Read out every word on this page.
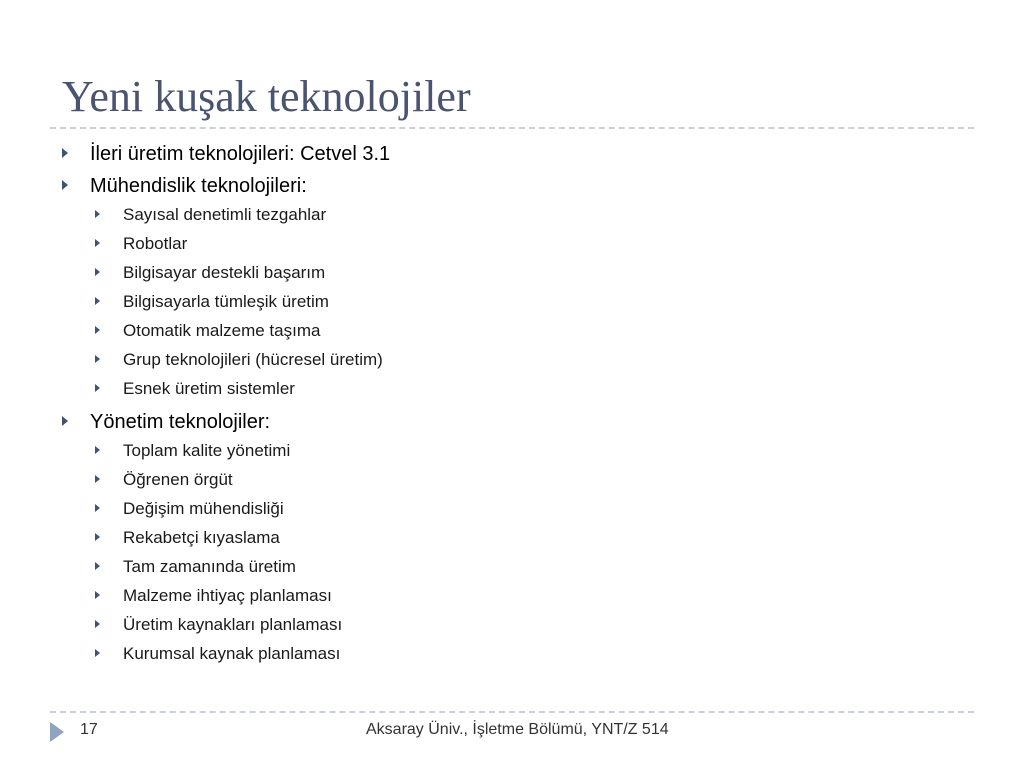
Yeni kuşak teknolojiler
İleri üretim teknolojileri: Cetvel 3.1
Mühendislik teknolojileri:
Sayısal denetimli tezgahlar
Robotlar
Bilgisayar destekli başarım
Bilgisayarla tümleşik üretim
Otomatik malzeme taşıma
Grup teknolojileri (hücresel üretim)
Esnek üretim sistemler
Yönetim teknolojiler:
Toplam kalite yönetimi
Öğrenen örgüt
Değişim mühendisliği
Rekabetçi kıyaslama
Tam zamanında üretim
Malzeme ihtiyaç planlaması
Üretim kaynakları planlaması
Kurumsal kaynak planlaması
17	Aksaray Üniv., İşletme Bölümü, YNT/Z 514
